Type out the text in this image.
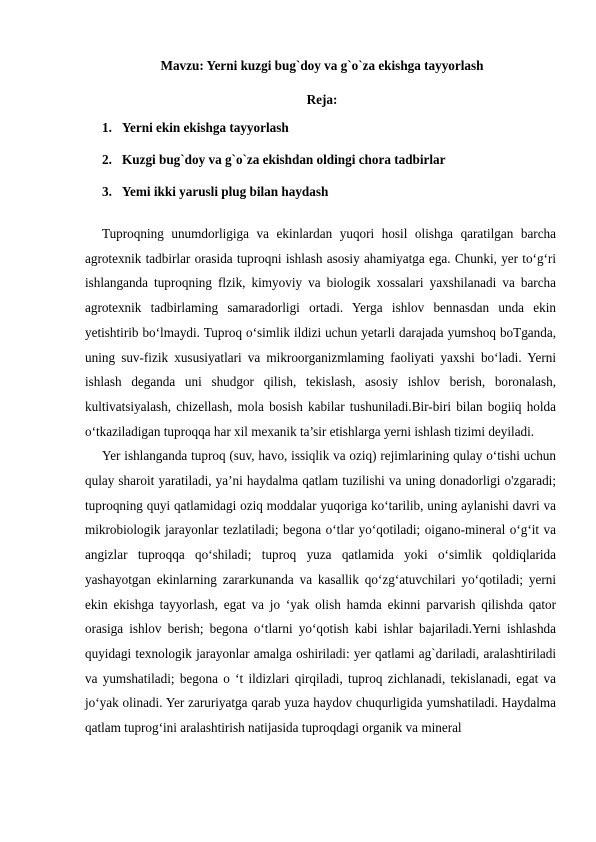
Mavzu: Yerni kuzgi bug`doy va g`o`za ekishga tayyorlash
Reja:
1. Yerni ekin ekishga tayyorlash
2. Kuzgi bug`doy va g`o`za ekishdan oldingi chora tadbirlar
3. Yemi ikki yarusli plug bilan haydash

Tuproqning unumdorligiga va ekinlardan yuqori hosil olishga qaratilgan barcha agrotexnik tadbirlar orasida tuproqni ishlash asosiy ahamiyatga ega. Chunki, yer to‘g‘ri ishlanganda tuproqning flzik, kimyoviy va biologik xossalari yaxshilanadi va barcha agrotexnik tadbirlaming samaradorligi ortadi. Yerga ishlov bennasdan unda ekin yetishtirib bo‘lmaydi. Tuproq o‘simlik ildizi uchun yetarli darajada yumshoq boTganda, uning suv-fizik xususiyatlari va mikroorganizmlaming faoliyati yaxshi bo‘ladi. Yerni ishlash deganda uni shudgor qilish, tekislash, asosiy ishlov berish, boronalash, kultivatsiyalash, chizellash, mola bosish kabilar tushuniladi.Bir-biri bilan bogiiq holda o‘tkaziladigan tuproqqa har xil mexanik ta’sir etishlarga yerni ishlash tizimi deyiladi.

Yer ishlanganda tuproq (suv, havo, issiqlik va oziq) rejimlarining qulay o‘tishi uchun qulay sharoit yaratiladi, ya’ni haydalma qatlam tuzilishi va uning donadorligi o'zgaradi; tuproqning quyi qatlamidagi oziq moddalar yuqoriga ko‘tarilib, uning aylanishi davri va mikrobiologik jarayonlar tezlatiladi; begona o‘tlar yo‘qotiladi; oigano-mineral o‘g‘it va angizlar tuproqqa qo‘shiladi; tuproq yuza qatlamida yoki o‘simlik qoldiqlarida yashayotgan ekinlarning zararkunanda va kasallik qo‘zg‘atuvchilari yo‘qotiladi; yerni ekin ekishga tayyorlash, egat va jo ‘yak olish hamda ekinni parvarish qilishda qator orasiga ishlov berish; begona o‘tlarni yo‘qotish kabi ishlar bajariladi.Yerni ishlashda quyidagi texnologik jarayonlar amalga oshiriladi: yer qatlami ag`dariladi, aralashtiriladi va yumshatiladi; begona o ‘t ildizlari qirqiladi, tuproq zichlanadi, tekislanadi, egat va jo‘yak olinadi. Yer zaruriyatga qarab yuza haydov chuqurligida yumshatiladi. Haydalma qatlam tuprog‘ini aralashtirish natijasida tuproqdagi organik va mineral
